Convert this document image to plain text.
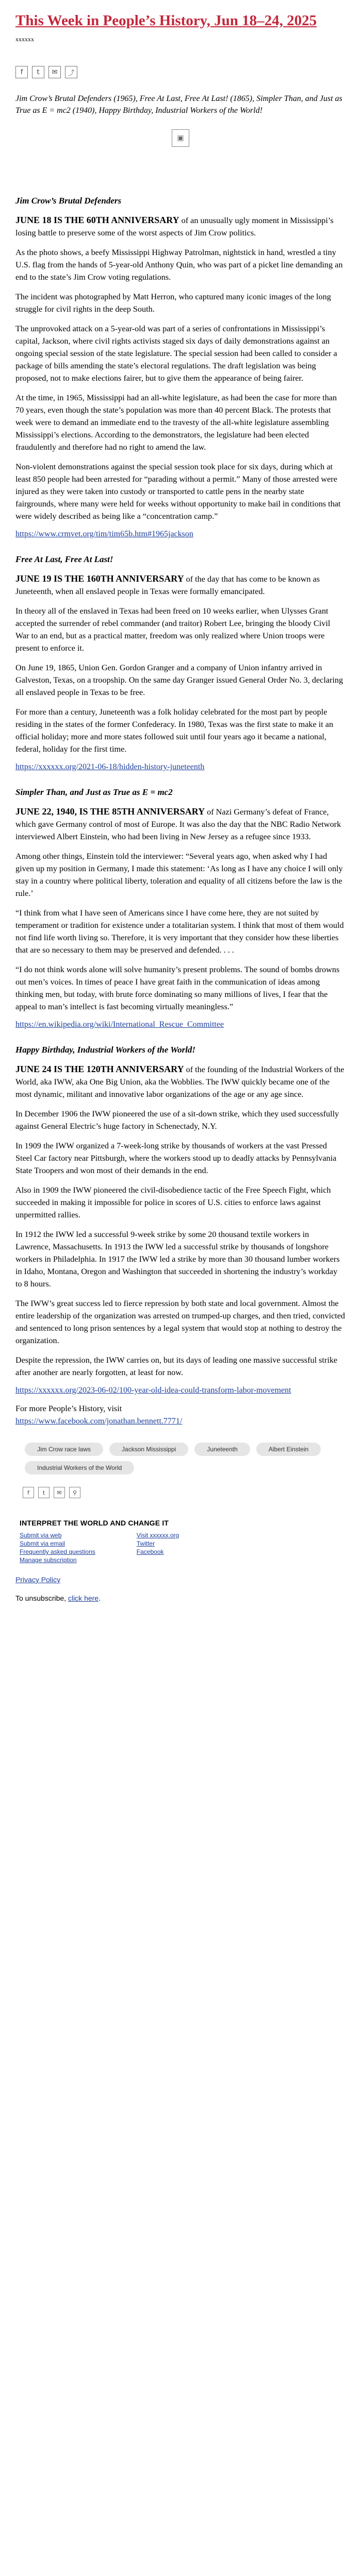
This Week in People’s History, Jun 18–24, 2025
xxxxxx
f	t	✉	⤴

Jim Crow’s Brutal Defenders (1965), Free At Last, Free At Last! (1865), Simpler Than, and Just as True as E = mc2 (1940), Happy Birthday, Industrial Workers of the World!

▣
Jim Crow’s Brutal Defenders

JUNE 18 IS THE 60TH ANNIVERSARY of an unusually ugly moment in Mississippi’s losing battle to preserve some of the worst aspects of Jim Crow politics.

As the photo shows, a beefy Mississippi Highway Patrolman, nightstick in hand, wrestled a tiny U.S. flag from the hands of 5-year-old Anthony Quin, who was part of a picket line demanding an end to the state’s Jim Crow voting regulations.

The incident was photographed by Matt Herron, who captured many iconic images of the long struggle for civil rights in the deep South.

The unprovoked attack on a 5-year-old was part of a series of confrontations in Mississippi’s capital, Jackson, where civil rights activists staged six days of daily demonstrations against an ongoing special session of the state legislature. The special session had been called to consider a package of bills amending the state’s electoral regulations. The draft legislation was being proposed, not to make elections fairer, but to give them the appearance of being fairer.

At the time, in 1965, Mississippi had an all-white legislature, as had been the case for more than 70 years, even though the state’s population was more than 40 percent Black. The protests that week were to demand an immediate end to the travesty of the all-white legislature assembling Mississippi’s elections. According to the demonstrators, the legislature had been elected fraudulently and therefore had no right to amend the law.

Non-violent demonstrations against the special session took place for six days, during which at least 850 people had been arrested for “parading without a permit.” Many of those arrested were injured as they were taken into custody or transported to cattle pens in the nearby state fairgrounds, where many were held for weeks without opportunity to make bail in conditions that were widely described as being like a “concentration camp.”

https://www.crmvet.org/tim/tim65b.htm#1965jackson
Free At Last, Free At Last!

JUNE 19 IS THE 160TH ANNIVERSARY of the day that has come to be known as Juneteenth, when all enslaved people in Texas were formally emancipated.

In theory all of the enslaved in Texas had been freed on 10 weeks earlier, when Ulysses Grant accepted the surrender of rebel commander (and traitor) Robert Lee, bringing the bloody Civil War to an end, but as a practical matter, freedom was only realized where Union troops were present to enforce it.

On June 19, 1865, Union Gen. Gordon Granger and a company of Union infantry arrived in Galveston, Texas, on a troopship. On the same day Granger issued General Order No. 3, declaring all enslaved people in Texas to be free.

For more than a century, Juneteenth was a folk holiday celebrated for the most part by people residing in the states of the former Confederacy. In 1980, Texas was the first state to make it an official holiday; more and more states followed suit until four years ago it became a national, federal, holiday for the first time.

https://xxxxxx.org/2021-06-18/hidden-history-juneteenth
Simpler Than, and Just as True as E = mc2

JUNE 22, 1940, IS THE 85TH ANNIVERSARY of Nazi Germany’s defeat of France, which gave Germany control of most of Europe. It was also the day that the NBC Radio Network interviewed Albert Einstein, who had been living in New Jersey as a refugee since 1933.

Among other things, Einstein told the interviewer: “Several years ago, when asked why I had given up my position in Germany, I made this statement: ‘As long as I have any choice I will only stay in a country where political liberty, toleration and equality of all citizens before the law is the rule.’

“I think from what I have seen of Americans since I have come here, they are not suited by temperament or tradition for existence under a totalitarian system. I think that most of them would not find life worth living so. Therefore, it is very important that they consider how these liberties that are so necessary to them may be preserved and defended. . . .

“I do not think words alone will solve humanity’s present problems. The sound of bombs drowns out men’s voices. In times of peace I have great faith in the communication of ideas among thinking men, but today, with brute force dominating so many millions of lives, I fear that the appeal to man’s intellect is fast becoming virtually meaningless.”

https://en.wikipedia.org/wiki/International_Rescue_Committee
Happy Birthday, Industrial Workers of the World!

JUNE 24 IS THE 120TH ANNIVERSARY of the founding of the Industrial Workers of the World, aka IWW, aka One Big Union, aka the Wobblies. The IWW quickly became one of the most dynamic, militant and innovative labor organizations of the age or any age since.

In December 1906 the IWW pioneered the use of a sit-down strike, which they used successfully against General Electric’s huge factory in Schenectady, N.Y.

In 1909 the IWW organized a 7-week-long strike by thousands of workers at the vast Pressed Steel Car factory near Pittsburgh, where the workers stood up to deadly attacks by Pennsylvania State Troopers and won most of their demands in the end.

Also in 1909 the IWW pioneered the civil-disobedience tactic of the Free Speech Fight, which succeeded in making it impossible for police in scores of U.S. cities to enforce laws against unpermitted rallies.

In 1912 the IWW led a successful 9-week strike by some 20 thousand textile workers in Lawrence, Massachusetts. In 1913 the IWW led a successful strike by thousands of longshore workers in Philadelphia. In 1917 the IWW led a strike by more than 30 thousand lumber workers in Idaho, Montana, Oregon and Washington that succeeded in shortening the industry’s workday to 8 hours.

The IWW’s great success led to fierce repression by both state and local government. Almost the entire leadership of the organization was arrested on trumped-up charges, and then tried, convicted and sentenced to long prison sentences by a legal system that would stop at nothing to destroy the organization.

Despite the repression, the IWW carries on, but its days of leading one massive successful strike after another are nearly forgotten, at least for now.

https://xxxxxx.org/2023-06-02/100-year-old-idea-could-transform-labor-movement

For more People’s History, visit

https://www.facebook.com/jonathan.bennett.7771/
Jim Crow race laws	Jackson Mississippi	Juneteenth	Albert Einstein
Industrial Workers of the World
f	t	✉	⚲
INTERPRET THE WORLD AND CHANGE IT
Submit via web
Submit via email
Frequently asked questions
Manage subscription
Visit xxxxxx.org
Twitter
Facebook

Privacy Policy

To unsubscribe, click here.
